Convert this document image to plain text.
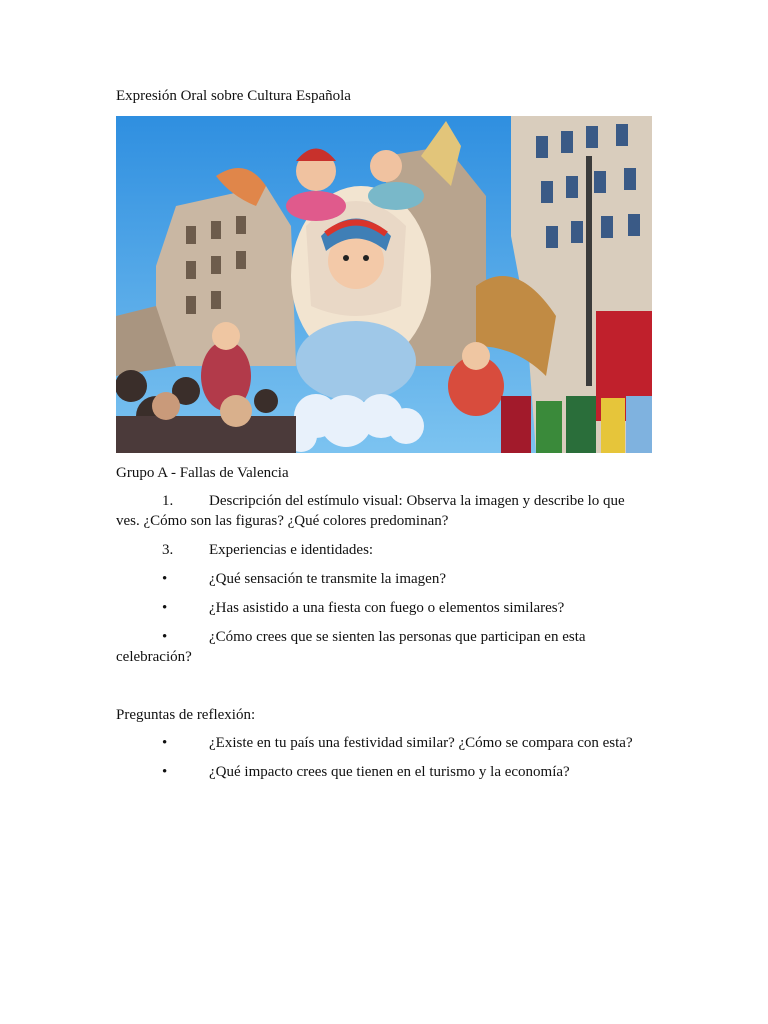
Expresión Oral sobre Cultura Española
Grupo A - Fallas de Valencia
1. Descripción del estímulo visual: Observa la imagen y describe lo que
ves. ¿Cómo son las figuras? ¿Qué colores predominan?
3. Experiencias e identidades:
•	¿Qué sensación te transmite la imagen?
•	¿Has asistido a una fiesta con fuego o elementos similares?
•	¿Cómo crees que se sienten las personas que participan en esta
celebración?
Preguntas de reflexión:
•	¿Existe en tu país una festividad similar? ¿Cómo se compara con esta?
•	¿Qué impacto crees que tienen en el turismo y la economía?
